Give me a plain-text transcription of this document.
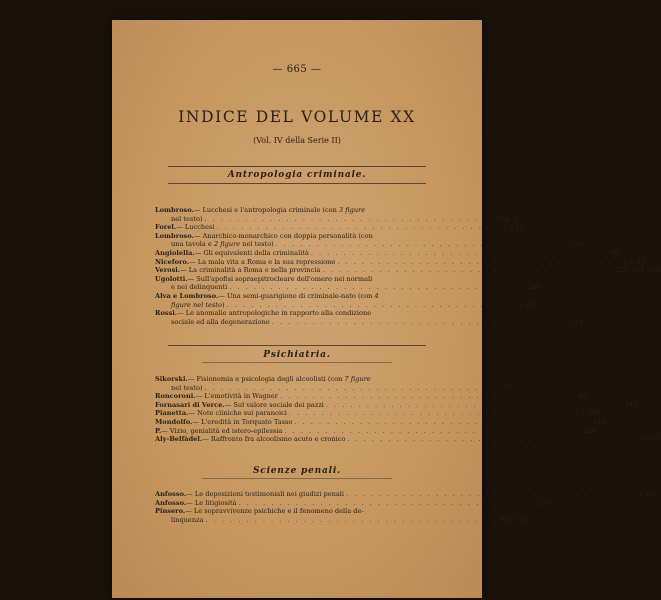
— 665 —
INDICE DEL VOLUME XX
(Vol. IV della Serie II)
Antropologia criminale.
Lombroso. — Lucchesi e l'antropologia criminale (con 3 figure
nel testo) . . . . . . . . . . . . . . . . . . . . . . . . . . . . . . . . . . . . Pag. 1
Forel. — Lucchesi . . . . . . . . . . . . . . . . . . . . . . . . . . . . . . . . . . . . » 11
Lombroso. — Anarchico-monarchico con doppia personalità (con
una tavola e 2 figure nel testo) . . . . . . . . . . . . . . . . . . . . . . . . . . . . . . . . . . . . » 26
Angiolella. — Gli equivalenti della criminalità . . . . . . . . . . . . . . . . . . . . . . . . . . . . . . . . . . . . » 30
Niceforo. — La mala vita a Roma e la sua repressione . . . . . . . . . . . . . . . . . . . . . . . . . . . . . . . . . . . . » 63
Verosi. — La criminalità a Roma e nella provincia . . . . . . . . . . . . . . . . . . . . . . . . . . . . . . . . . . . . 225, 341, 485
Ugolotti. — Sull'apofisi sopraepitrocleare dell'omero nei normali
e nei delinquenti . . . . . . . . . . . . . . . . . . . . . . . . . . . . . . . . . . . . » 240
Alva e Lombroso. — Una semi-guarigione di criminale-nato (con 4
figure nel testo) . . . . . . . . . . . . . . . . . . . . . . . . . . . . . . . . . . . . » 273
Rossi. — Le anomalie antropologiche in rapporto alla condizione
sociale ed alla degenerazione . . . . . . . . . . . . . . . . . . . . . . . . . . . . . . . . . . . . » 514
Psichiatria.
Sikorski. — Fisionomia e psicologia degli alcoolisti (con 7 figure
nel testo) . . . . . . . . . . . . . . . . . . . . . . . . . . . . . . . . . . . . » 75
Roncoroni. — L'emotività in Wagner . . . . . . . . . . . . . . . . . . . . . . . . . . . . . . . . . . . . » 92
Fornasari di Verce. — Sul valore sociale dei pazzi . . . . . . . . . . . . . . . . . . . . . . . . . . . . . . . . . . . . » 243
Pianetta. — Note cliniche sui paranoici . . . . . . . . . . . . . . . . . . . . . . . . . . . . . . . . . . . . » 280
Mondolfo. — L'eredità in Torquato Tasso . . . . . . . . . . . . . . . . . . . . . . . . . . . . . . . . . . . . » 518
P. — Vizio, genialità ed istero-epilessia . . . . . . . . . . . . . . . . . . . . . . . . . . . . . . . . . . . . » 528
Aly-Belfàdel. — Raffronto fra alcoolismo acuto e cronico . . . . . . . . . . . . . . . . . . . . . . . . . . . . . . . . . . . . » 543
Scienze penali.
Anfosso. — Le deposizioni testimoniali nei giudizi penali . . . . . . . . . . . . . . . . . . . . . . . . . . . . . . . . . . . . » 135
Anfosso. — Le litigiosità . . . . . . . . . . . . . . . . . . . . . . . . . . . . . . . . . . . . » 273
Pinsero. — Le sopravvivenze psichiche e il fenomeno della de-
linquenza . . . . . . . . . . . . . . . . . . . . . . . . . . . . . . . . . . . . 392, 539
